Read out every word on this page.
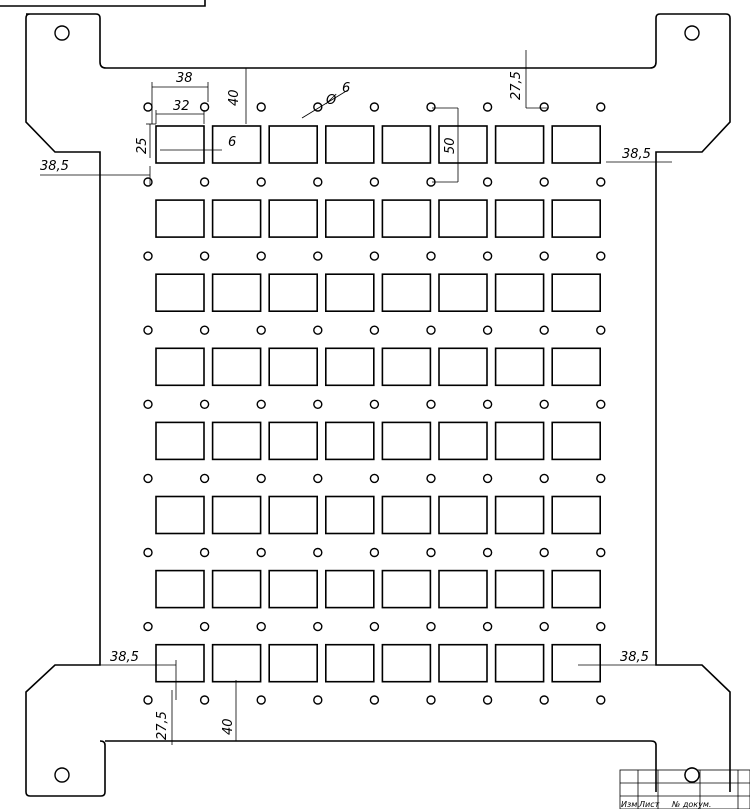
38
32
40	Ø
6	27,5
25	6	50
38,5
38,5
38,5	38,5
27,5	40
Изм. Лист № докум.
